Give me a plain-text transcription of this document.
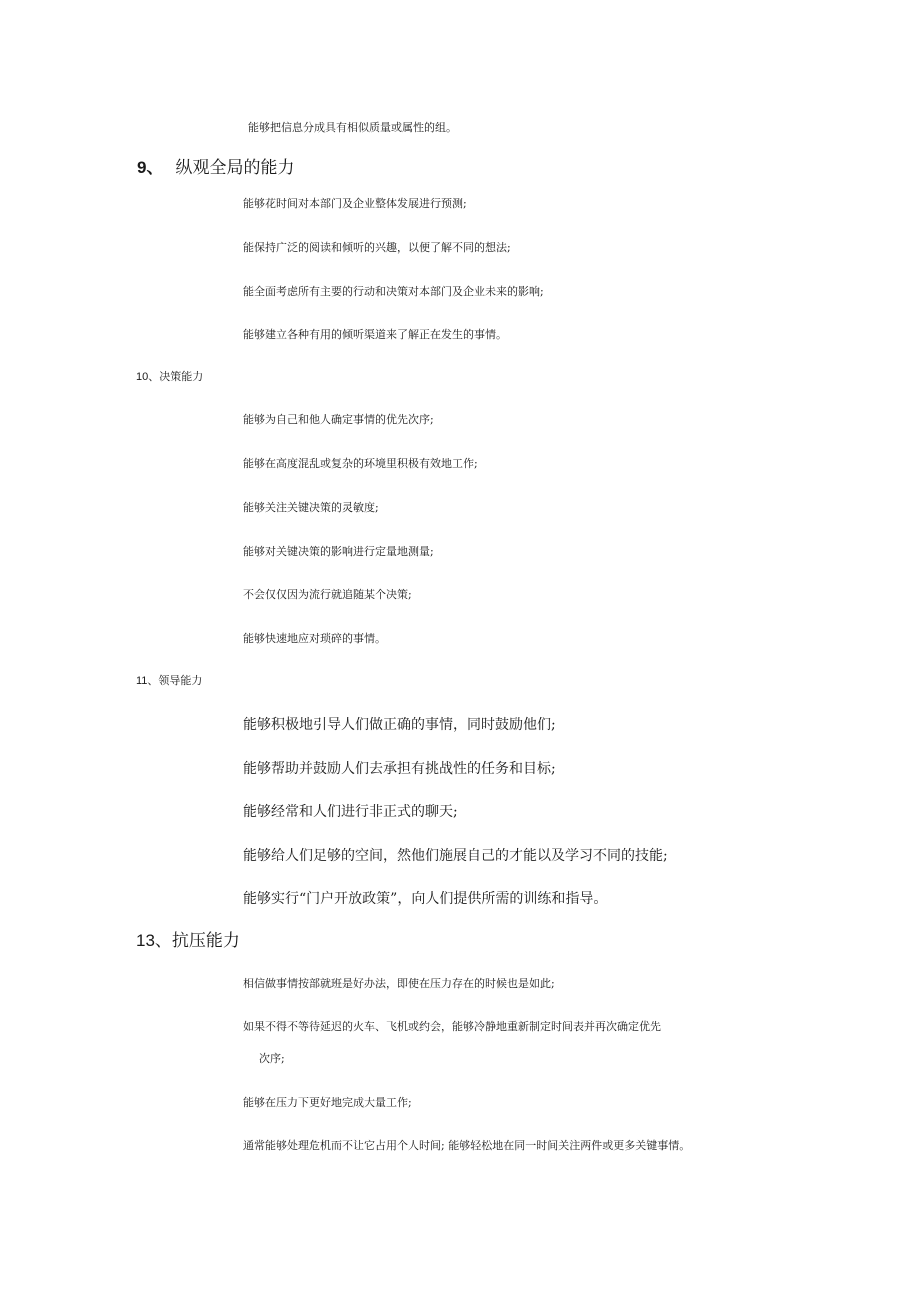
能够把信息分成具有相似质量或属性的组。
9、 纵观全局的能力
能够花时间对本部门及企业整体发展进行预测;
能保持广泛的阅读和倾听的兴趣，以便了解不同的想法;
能全面考虑所有主要的行动和决策对本部门及企业未来的影响;
能够建立各种有用的倾听渠道来了解正在发生的事情。
10、决策能力
能够为自己和他人确定事情的优先次序;
能够在高度混乱或复杂的环境里积极有效地工作;
能够关注关键决策的灵敏度;
能够对关键决策的影响进行定量地测量;
不会仅仅因为流行就追随某个决策;
能够快速地应对琐碎的事情。
11、领导能力
能够积极地引导人们做正确的事情，同时鼓励他们;
能够帮助并鼓励人们去承担有挑战性的任务和目标;
能够经常和人们进行非正式的聊天;
能够给人们足够的空间，然他们施展自己的才能以及学习不同的技能;
能够实行“门户开放政策”，向人们提供所需的训练和指导。
13、抗压能力
相信做事情按部就班是好办法，即使在压力存在的时候也是如此;
如果不得不等待延迟的火车、飞机或约会，能够冷静地重新制定时间表并再次确定优先
次序;
能够在压力下更好地完成大量工作;
通常能够处理危机而不让它占用个人时间; 能够轻松地在同一时间关注两件或更多关键事情。
